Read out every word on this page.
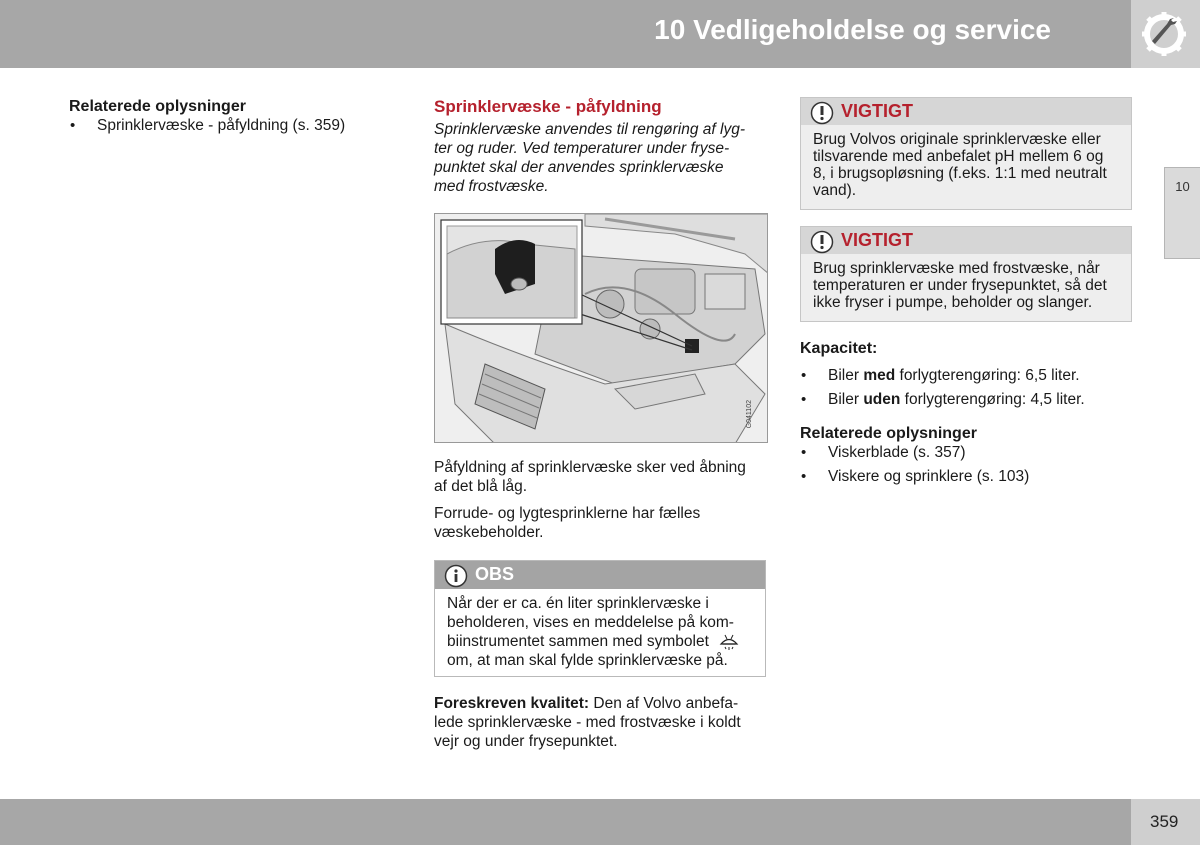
10 Vedligeholdelse og service
10
Relaterede oplysninger
• Sprinklervæske - påfyldning (s. 359)
Sprinklervæske - påfyldning
Sprinklervæske anvendes til rengøring af lyg-
ter og ruder. Ved temperaturer under fryse-
punktet skal der anvendes sprinklervæske
med frostvæske.
G041102
Påfyldning af sprinklervæske sker ved åbning
af det blå låg.
Forrude- og lygtesprinklerne har fælles
væskebeholder.
OBS
Når der er ca. én liter sprinklervæske i
beholderen, vises en meddelelse på kom-
biinstrumentet sammen med symbolet
om, at man skal fylde sprinklervæske på.
Foreskreven kvalitet: Den af Volvo anbefa-
lede sprinklervæske - med frostvæske i koldt
vejr og under frysepunktet.
VIGTIGT
Brug Volvos originale sprinklervæske eller
tilsvarende med anbefalet pH mellem 6 og
8, i brugsopløsning (f.eks. 1:1 med neutralt
vand).
VIGTIGT
Brug sprinklervæske med frostvæske, når
temperaturen er under frysepunktet, så det
ikke fryser i pumpe, beholder og slanger.
Kapacitet:
• Biler med forlygterengøring: 6,5 liter.
• Biler uden forlygterengøring: 4,5 liter.
Relaterede oplysninger
• Viskerblade (s. 357)
• Viskere og sprinklere (s. 103)
359
